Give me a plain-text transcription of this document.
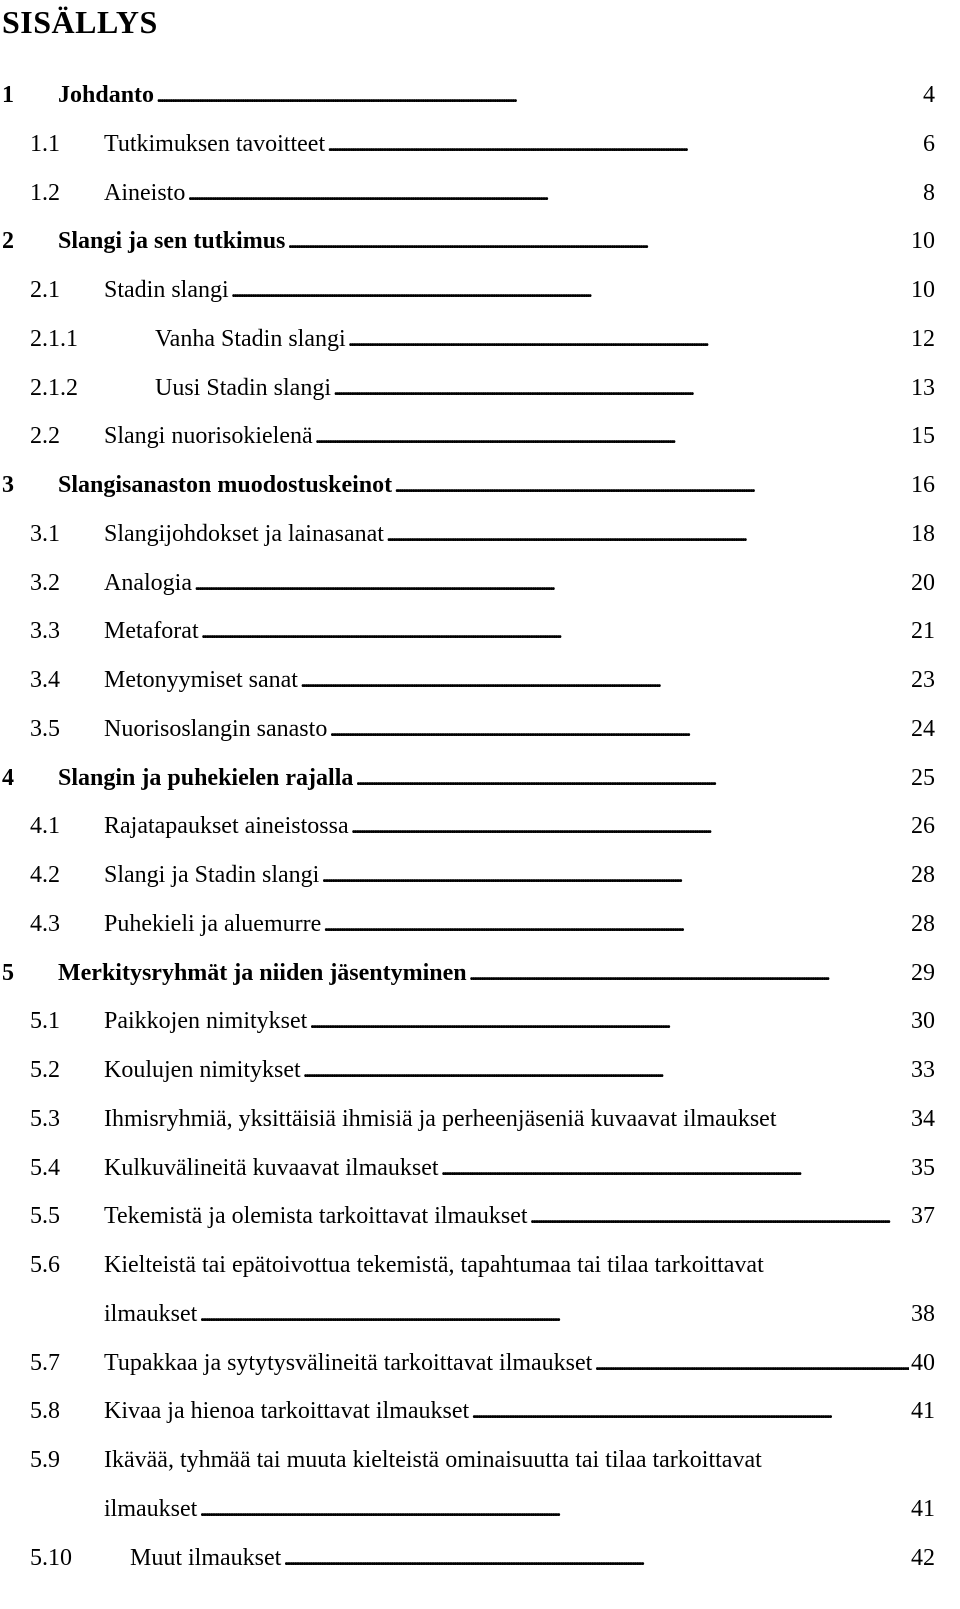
SISÄLLYS
1 Johdanto . . .	4
1.1 Tutkimuksen tavoitteet . . .	6
1.2 Aineisto . . .	8
2 Slangi ja sen tutkimus . . .	10
2.1 Stadin slangi . . .	10
2.1.1	Vanha Stadin slangi . . .	12
2.1.2	Uusi Stadin slangi . . .	13
2.2 Slangi nuorisokielenä . . .	15
3 Slangisanaston muodostuskeinot . . .	16
3.1 Slangijohdokset ja lainasanat . . .	18
3.2 Analogia . . .	20
3.3 Metaforat . . .	21
3.4 Metonyymiset sanat . . .	23
3.5 Nuorisoslangin sanasto . . .	24
4 Slangin ja puhekielen rajalla . . .	25
4.1 Rajatapaukset aineistossa . . .	26
4.2 Slangi ja Stadin slangi . . .	28
4.3 Puhekieli ja aluemurre . . .	28
5 Merkitysryhmät ja niiden jäsentyminen . . .	29
5.1 Paikkojen nimitykset . . .	30
5.2 Koulujen nimitykset . . .	33
5.3 Ihmisryhmiä, yksittäisiä ihmisiä ja perheenjäseniä kuvaavat ilmaukset	34
5.4 Kulkuvälineitä kuvaavat ilmaukset . . .	35
5.5 Tekemistä ja olemista tarkoittavat ilmaukset . . .	37
5.6 Kielteistä tai epätoivottua tekemistä, tapahtumaa tai tilaa tarkoittavat
ilmaukset . . .	38
5.7 Tupakkaa ja sytytysvälineitä tarkoittavat ilmaukset . . .	40
5.8 Kivaa ja hienoa tarkoittavat ilmaukset . . .	41
5.9 Ikävää, tyhmää tai muuta kielteistä ominaisuutta tai tilaa tarkoittavat
ilmaukset . . .	41
5.10 Muut ilmaukset . . .	42
